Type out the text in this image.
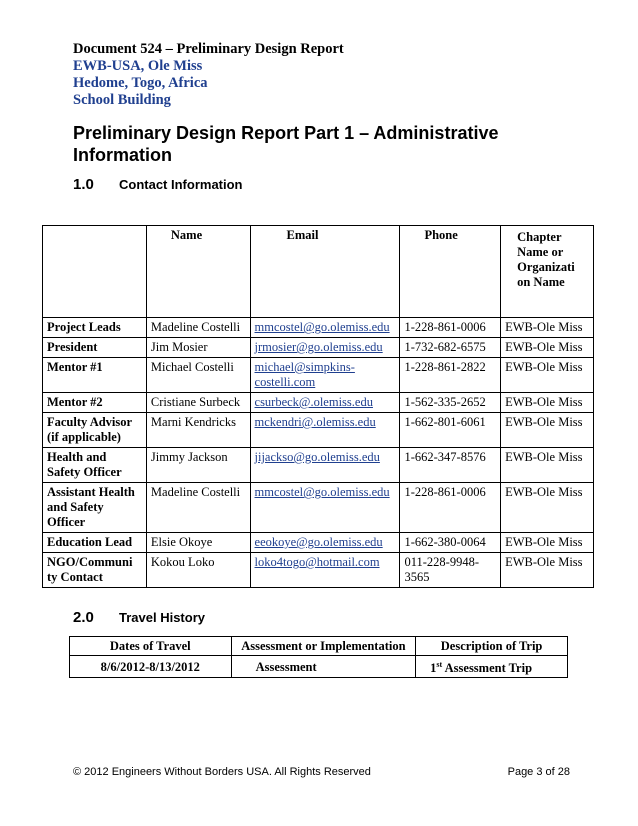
Document 524 – Preliminary Design Report
EWB-USA, Ole Miss
Hedome, Togo, Africa
School Building
Preliminary Design Report Part 1 – Administrative Information
1.0 Contact Information
	Name	Email	Phone	Chapter Name or Organizati on Name
Project Leads	Madeline Costelli	mmcostel@go.olemiss.edu	1-228-861-0006	EWB-Ole Miss
President	Jim Mosier	jrmosier@go.olemiss.edu	1-732-682-6575	EWB-Ole Miss
Mentor #1	Michael Costelli	michael@simpkins-costelli.com	1-228-861-2822	EWB-Ole Miss
Mentor #2	Cristiane Surbeck	csurbeck@.olemiss.edu	1-562-335-2652	EWB-Ole Miss
Faculty Advisor (if applicable)	Marni Kendricks	mckendri@.olemiss.edu	1-662-801-6061	EWB-Ole Miss
Health and Safety Officer	Jimmy Jackson	jijackso@go.olemiss.edu	1-662-347-8576	EWB-Ole Miss
Assistant Health and Safety Officer	Madeline Costelli	mmcostel@go.olemiss.edu	1-228-861-0006	EWB-Ole Miss
Education Lead	Elsie Okoye	eeokoye@go.olemiss.edu	1-662-380-0064	EWB-Ole Miss
NGO/Communi ty Contact	Kokou Loko	loko4togo@hotmail.com	011-228-9948-3565	EWB-Ole Miss
2.0 Travel History
Dates of Travel	Assessment or Implementation	Description of Trip
8/6/2012-8/13/2012	Assessment	1st Assessment Trip
© 2012 Engineers Without Borders USA. All Rights Reserved	Page 3 of 28
